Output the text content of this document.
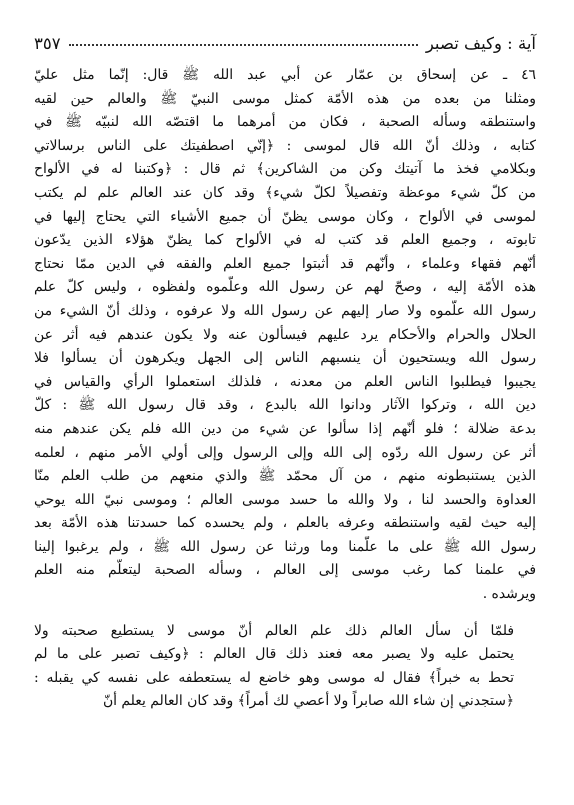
آية : وكيف تصبر
٣٥٧

٤٦ ـ عن إسحاق بن عمّار عن أبي عبد الله ﷺ قال: إنّما مثل عليّ
ومثلنا من بعده من هذه الأمّة كمثل موسى النبيّ ﷺ والعالم حين لقيه
واستنطقه وسأله الصحبة ، فكان من أمرهما ما اقتصّه الله لنبيّه ﷺ في
كتابه ، وذلك أنّ الله قال لموسى : ﴿إنّي اصطفيتك على الناس برسالاتي
وبكلامي فخذ ما آتيتك وكن من الشاكرين﴾ ثم قال : ﴿وكتبنا له في الألواح
من كلّ شيء موعظة وتفصيلاً لكلّ شيء﴾ وقد كان عند العالم علم لم يكتب
لموسى في الألواح ، وكان موسى يظنّ أن جميع الأشياء التي يحتاج إليها في
تابوته ، وجميع العلم قد كتب له في الألواح كما يظنّ هؤلاء الذين يدّعون
أنّهم فقهاء وعلماء ، وأنّهم قد أثبتوا جميع العلم والفقه في الدين ممّا نحتاج
هذه الأمّة إليه ، وصحّ لهم عن رسول الله وعلّموه ولفظوه ، وليس كلّ علم
رسول الله علّموه ولا صار إليهم عن رسول الله ولا عرفوه ، وذلك أنّ الشيء من
الحلال والحرام والأحكام يرد عليهم فيسألون عنه ولا يكون عندهم فيه أثر عن
رسول الله ويستحيون أن ينسبهم الناس إلى الجهل ويكرهون أن يسألوا فلا
يجيبوا فيطلبوا الناس العلم من معدنه ، فلذلك استعملوا الرأي والقياس في
دين الله ، وتركوا الآثار ودانوا الله بالبدع ، وقد قال رسول الله ﷺ : كلّ
بدعة ضلالة ؛ فلو أنّهم إذا سألوا عن شيء من دين الله فلم يكن عندهم منه
أثر عن رسول الله ردّوه إلى الله وإلى الرسول وإلى أولي الأمر منهم ، لعلمه
الذين يستنبطونه منهم ، من آل محمّد ﷺ والذي منعهم من طلب العلم منّا
العداوة والحسد لنا ، ولا والله ما حسد موسى العالم ؛ وموسى نبيّ الله يوحي
إليه حيث لقيه واستنطقه وعرفه بالعلم ، ولم يحسده كما حسدتنا هذه الأمّة بعد
رسول الله ﷺ على ما علّمنا وما ورثنا عن رسول الله ﷺ ، ولم يرغبوا إلينا
في علمنا كما رغب موسى إلى العالم ، وسأله الصحبة ليتعلّم منه العلم
ويرشده .

فلمّا أن سأل العالم ذلك علم العالم أنّ موسى لا يستطيع صحبته ولا
يحتمل عليه ولا يصبر معه فعند ذلك قال العالم : ﴿وكيف تصبر على ما لم
تحط به خبراً﴾ فقال له موسى وهو خاضع له يستعطفه على نفسه كي يقبله :
﴿ستجدني إن شاء الله صابراً ولا أعصي لك أمراً﴾ وقد كان العالم يعلم أنّ
